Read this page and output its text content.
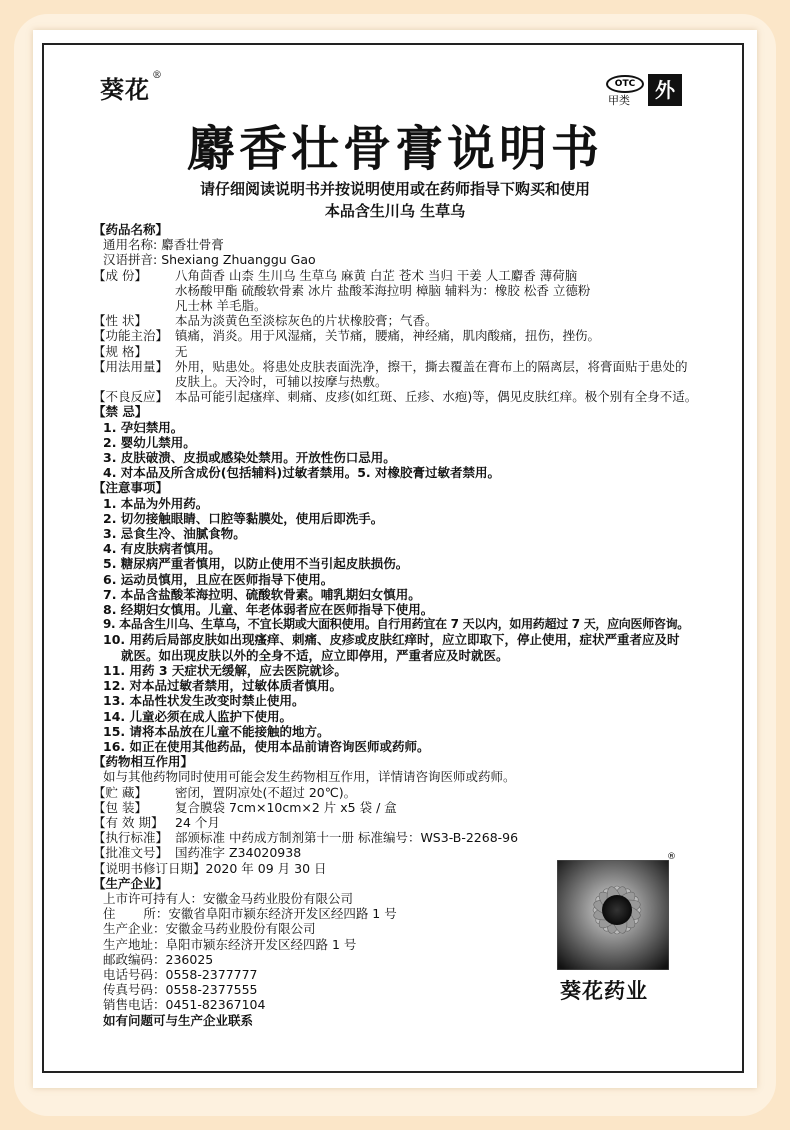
葵花 ®
OTC
甲类	外
麝香壮骨膏说明书
请仔细阅读说明书并按说明使用或在药师指导下购买和使用
本品含生川乌 生草乌
【药品名称】
通用名称: 麝香壮骨膏
汉语拼音: Shexiang Zhuanggu Gao
【成 份】 八角茴香 山柰 生川乌 生草乌 麻黄 白芷 苍术 当归 干姜 人工麝香 薄荷脑
水杨酸甲酯 硫酸软骨素 冰片 盐酸苯海拉明 樟脑 辅料为：橡胶 松香 立德粉
凡士林 羊毛脂。
【性 状】 本品为淡黄色至淡棕灰色的片状橡胶膏；气香。
【功能主治】 镇痛，消炎。用于风湿痛，关节痛，腰痛，神经痛，肌肉酸痛，扭伤，挫伤。
【规 格】 无
【用法用量】 外用，贴患处。将患处皮肤表面洗净，擦干，撕去覆盖在膏布上的隔离层，将膏面贴于患处的
皮肤上。天冷时，可辅以按摩与热敷。
【不良反应】 本品可能引起瘙痒、刺痛、皮疹(如红斑、丘疹、水疱)等，偶见皮肤红痒。极个别有全身不适。
【禁 忌】
1. 孕妇禁用。
2. 婴幼儿禁用。
3. 皮肤破溃、皮损或感染处禁用。开放性伤口忌用。
4. 对本品及所含成份(包括辅料)过敏者禁用。5. 对橡胶膏过敏者禁用。
【注意事项】
1. 本品为外用药。
2. 切勿接触眼睛、口腔等黏膜处，使用后即洗手。
3. 忌食生冷、油腻食物。
4. 有皮肤病者慎用。
5. 糖尿病严重者慎用，以防止使用不当引起皮肤损伤。
6. 运动员慎用，且应在医师指导下使用。
7. 本品含盐酸苯海拉明、硫酸软骨素。哺乳期妇女慎用。
8. 经期妇女慎用。儿童、年老体弱者应在医师指导下使用。
9. 本品含生川乌、生草乌，不宜长期或大面积使用。自行用药宜在 7 天以内，如用药超过 7 天，应向医师咨询。
10. 用药后局部皮肤如出现瘙痒、刺痛、皮疹或皮肤红痒时，应立即取下，停止使用，症状严重者应及时
就医。如出现皮肤以外的全身不适，应立即停用，严重者应及时就医。
11. 用药 3 天症状无缓解，应去医院就诊。
12. 对本品过敏者禁用，过敏体质者慎用。
13. 本品性状发生改变时禁止使用。
14. 儿童必须在成人监护下使用。
15. 请将本品放在儿童不能接触的地方。
16. 如正在使用其他药品，使用本品前请咨询医师或药师。
【药物相互作用】
如与其他药物同时使用可能会发生药物相互作用，详情请咨询医师或药师。
【贮 藏】 密闭，置阴凉处(不超过 20℃)。
【包 装】 复合膜袋 7cm×10cm×2 片 x5 袋 / 盒
【有 效 期】 24 个月
【执行标准】 部颁标准 中药成方制剂第十一册 标准编号：WS3-B-2268-96
【批准文号】 国药准字 Z34020938
【说明书修订日期】2020 年 09 月 30 日
【生产企业】
上市许可持有人：安徽金马药业股份有限公司
住       所：安徽省阜阳市颍东经济开发区经四路 1 号
生产企业：安徽金马药业股份有限公司
生产地址：阜阳市颍东经济开发区经四路 1 号
邮政编码：236025
电话号码：0558-2377777
传真号码：0558-2377555
销售电话：0451-82367104
如有问题可与生产企业联系
®
葵花药业
